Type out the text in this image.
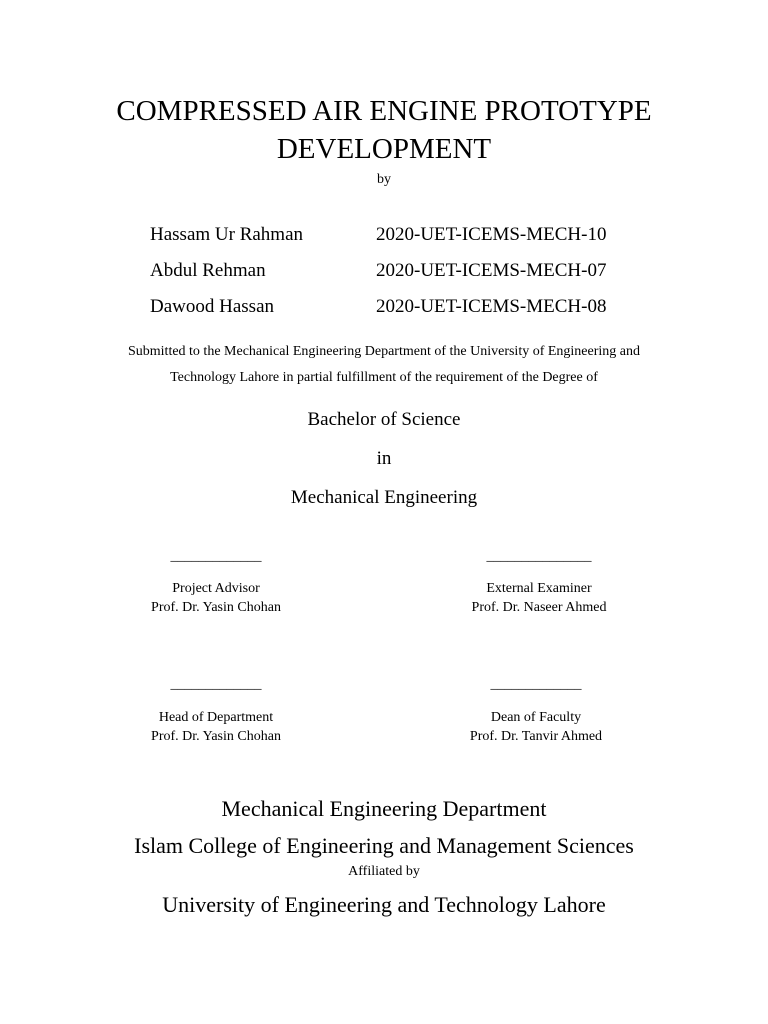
COMPRESSED AIR ENGINE PROTOTYPE
DEVELOPMENT
by
Hassam Ur Rahman	2020-UET-ICEMS-MECH-10
Abdul Rehman	2020-UET-ICEMS-MECH-07
Dawood Hassan	2020-UET-ICEMS-MECH-08
Submitted to the Mechanical Engineering Department of the University of Engineering and
Technology Lahore in partial fulfillment of the requirement of the Degree of
Bachelor of Science
in
Mechanical Engineering
_____________
Project Advisor
Prof. Dr. Yasin Chohan
_______________
External Examiner
Prof. Dr. Naseer Ahmed
_____________
Head of Department
Prof. Dr. Yasin Chohan
_____________
Dean of Faculty
Prof. Dr. Tanvir Ahmed
Mechanical Engineering Department
Islam College of Engineering and Management Sciences
Affiliated by
University of Engineering and Technology Lahore
